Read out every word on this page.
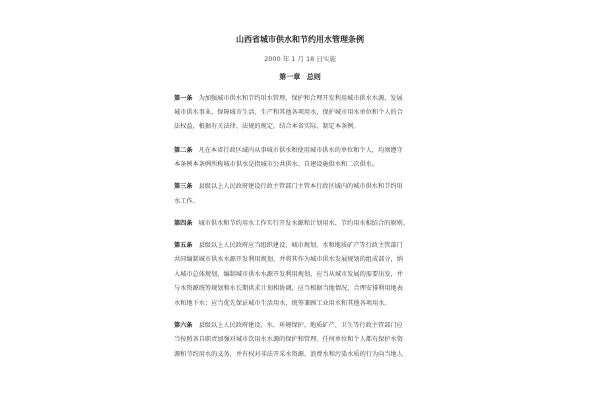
山西省城市供水和节约用水管理条例
2000 年 1 月 18 日实施
第一章 总则
第一条 为加强城市供水和节约用水管理，保护和合理开发利用城市供水水源，发展
城市供水事业，保障城市生活、生产和其他各项用水，保护城市用水单位和个人的合
法权益，根据有关法律、法规的规定，结合本省实际，制定本条例。
第二条 凡在本省行政区域内从事城市供水和使用城市供水的单位和个人，均须遵守
本条例本条例所称城市供水是指城市公共供水、自建设施供水和二次供水。
第三条 县级以上人民政府建设行政主管部门主管本行政区域内的城市供水和节约用
水工作。
第四条 城市供水和节约用水工作实行开发水源和计划用水、节约用水相结合的原则。
第五条 县级以上人民政府应当组织建设、城市规划、水和地质矿产等行政主管部门
共同编制城市供水水源开发利用规划，并将其作为城市供水发展规划的组成部分，纳
入城市总体规划，编制城市供水水源开发利用规划，应当从城市发展的需要出发，并
与水资源统筹规划和水长期供求计划相协调，应当根据当地情况，合理安排利用地表
水和地下水；应当优先保证城市生活用水，统筹兼顾工业用水和其他各项用水。
第六条 县级以上人民政府建设、水、环境保护、地质矿产、卫生等行政主管部门应
当按照各自职责加强对城市饮用水水源的保护和管理。任何单位和个人都有保护水资
源和节约用水的义务，并有权对非法开采水资源、浪费水和污染水质的行为向当地人
